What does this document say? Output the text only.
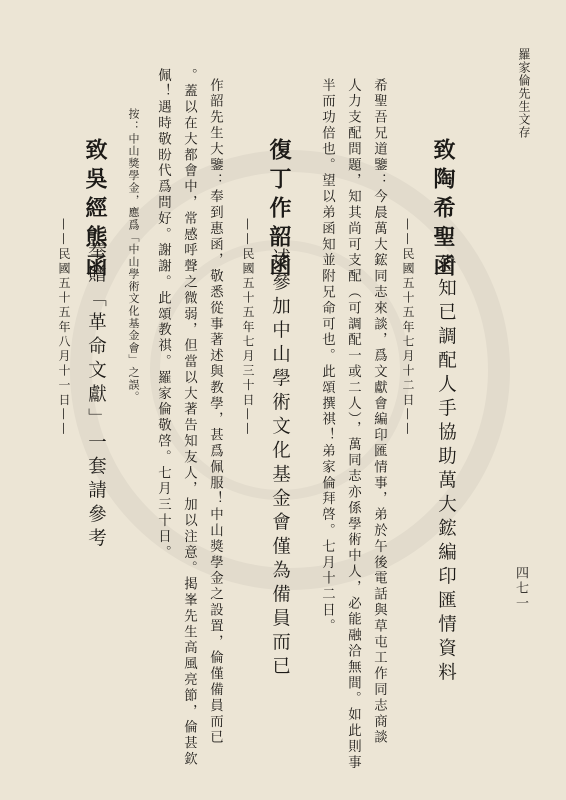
羅家倫先生文存
致陶希聖函
告知已調配人手協助萬大鋐編印匯情資料
——民國五十五年七月十二日——
希聖吾兄道鑒：今晨萬大鋐同志來談，爲文獻會編印匯情事，弟於午後電話與草屯工作同志商談
人力支配問題，知其尚可支配（可調配一或二人），萬同志亦係學術中人，必能融洽無間。如此則事
半而功倍也。望以弟函知並附兄命可也。此頌撰祺！弟家倫拜啓。七月十二日。
復丁作韶函
述參加中山學術文化基金會僅為備員而已
——民國五十五年七月三十日——
作韶先生大鑒：奉到惠函，敬悉從事著述與教學，甚爲佩服！中山獎學金之設置，倫僅備員而已
。蓋以在大都會中，常感呼聲之微弱，但當以大著告知友人，加以注意。掲峯先生高風亮節，倫甚欽
佩！遇時敬盼代爲問好。謝謝。此頌教祺。羅家倫敬啓。七月三十日。
按：中山獎學金，應爲「中山學術文化基金會」之誤。
致吳經熊函
奉贈「革命文獻」一套請參考
——民國五十五年八月十一日——
四七一
